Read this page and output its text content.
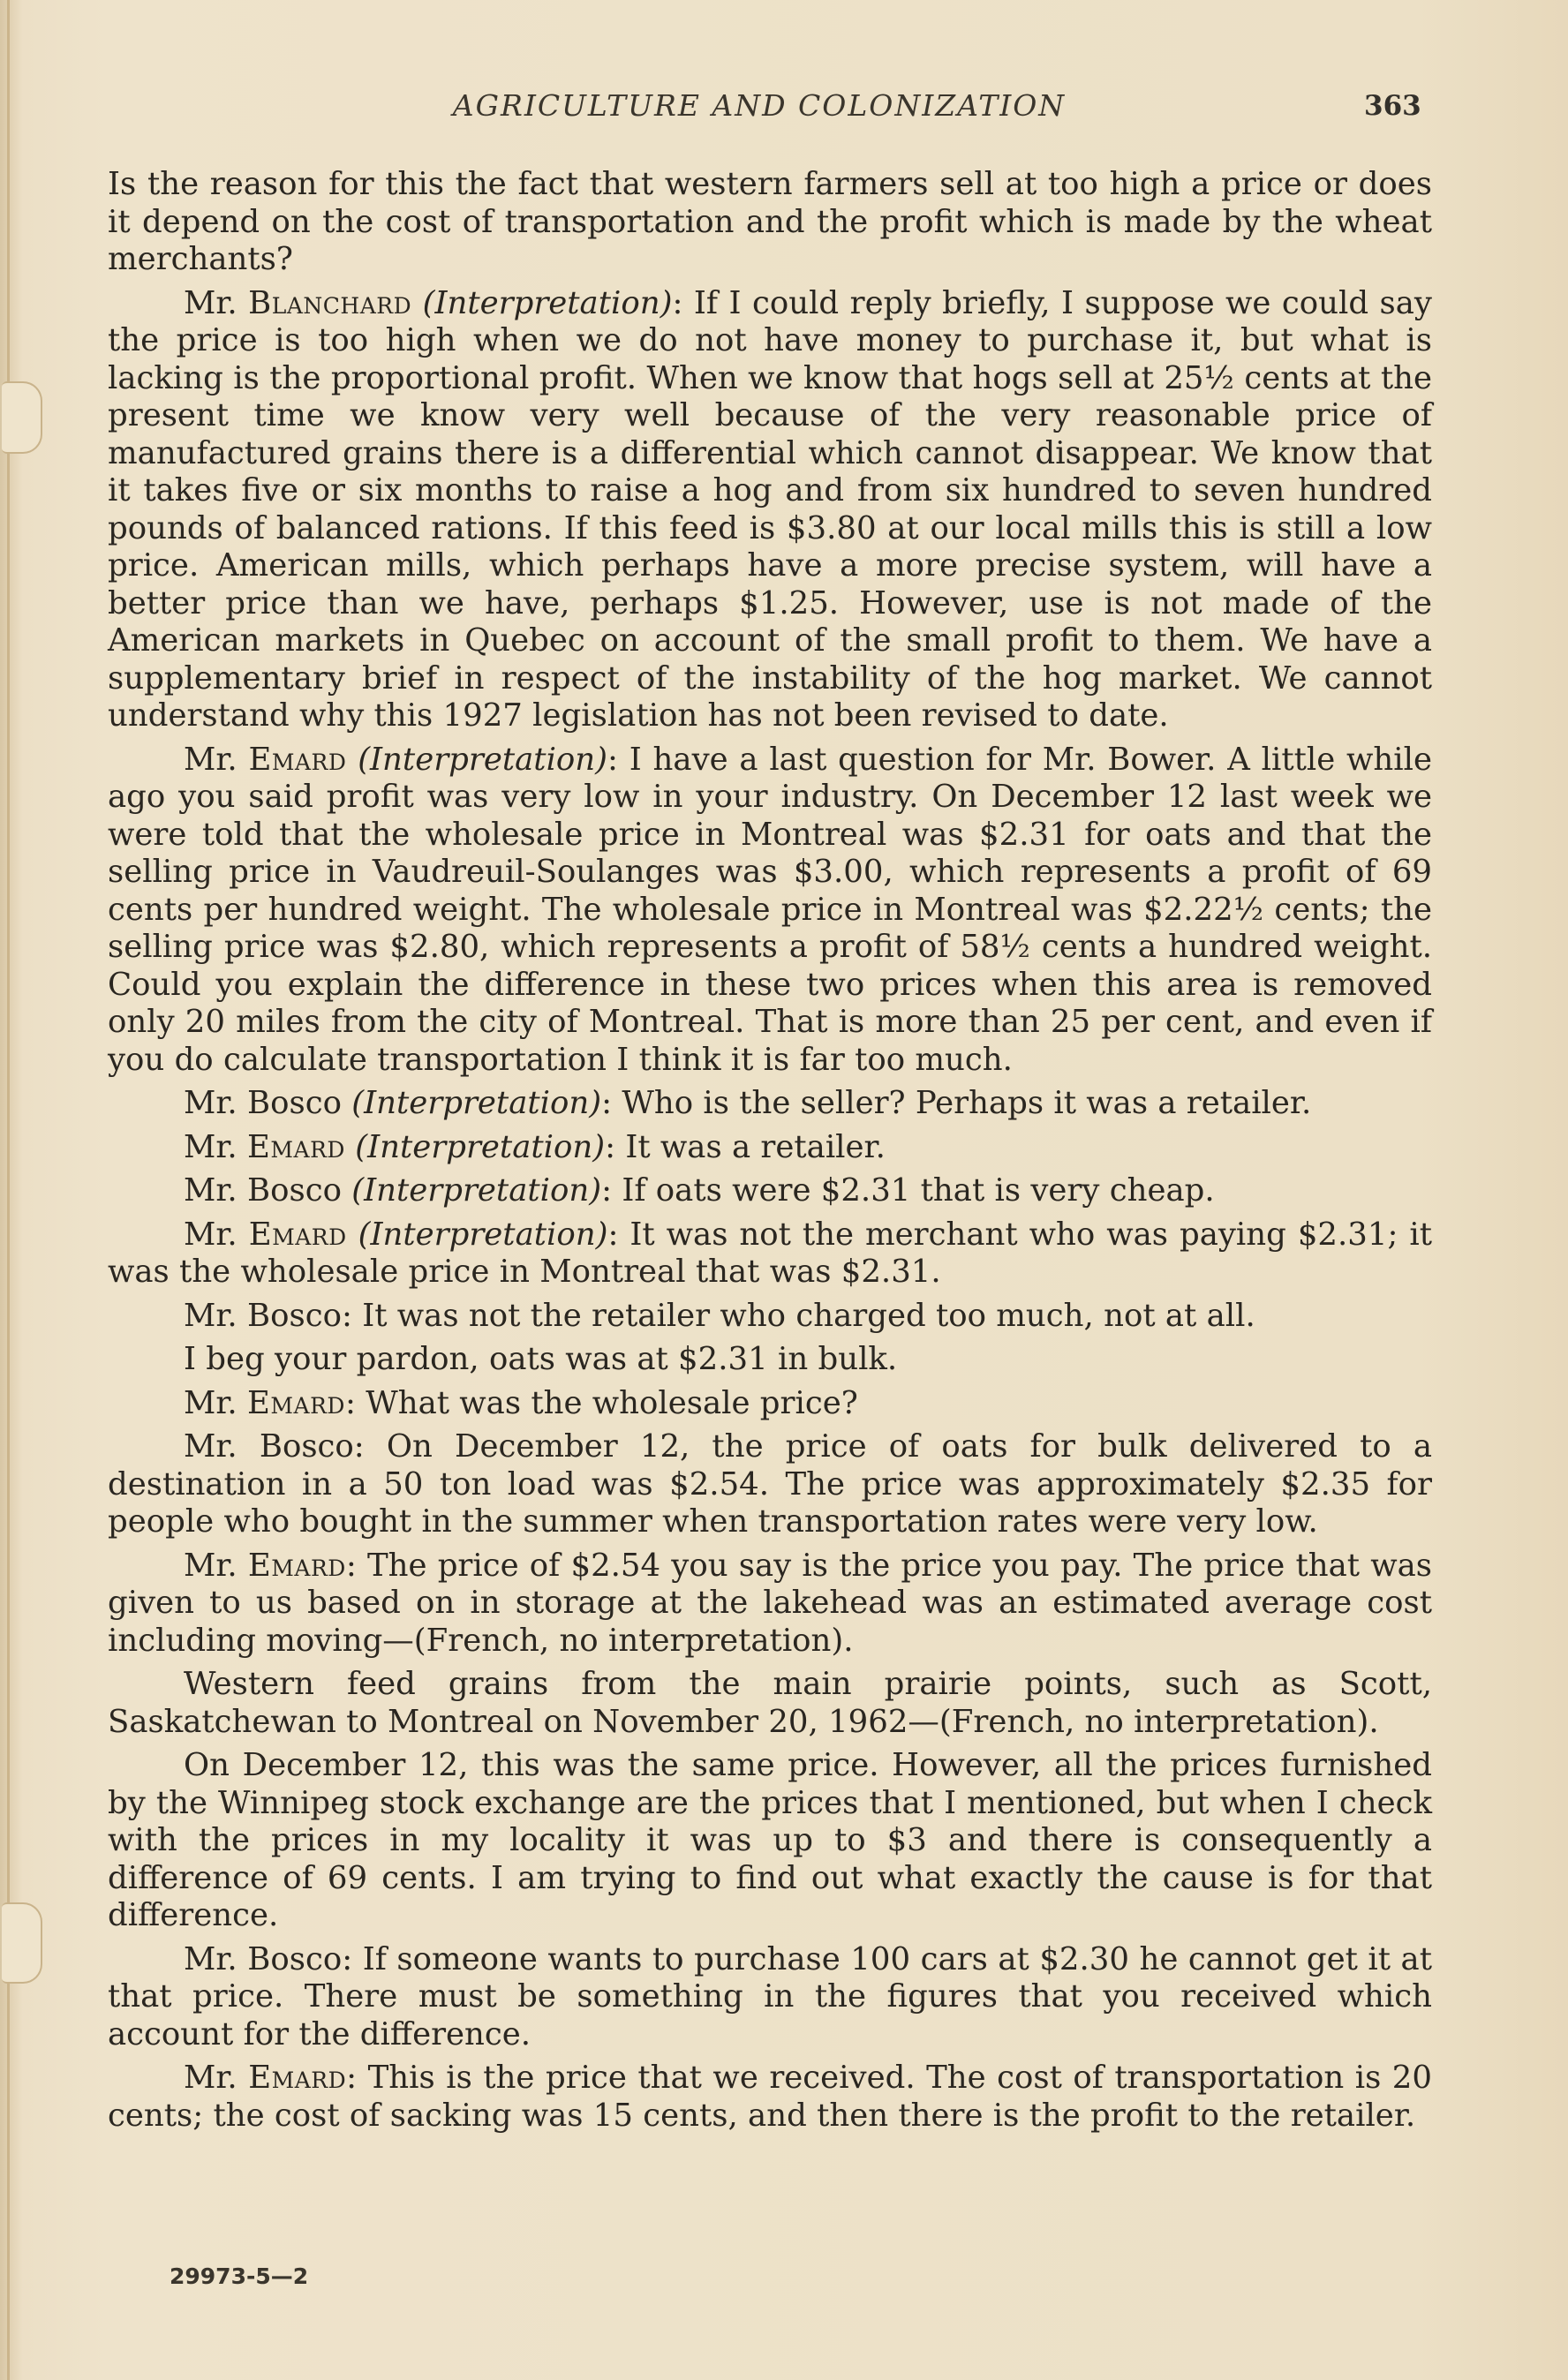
AGRICULTURE AND COLONIZATION	363

Is the reason for this the fact that western farmers sell at too high a price or does it depend on the cost of transportation and the profit which is made by the wheat merchants?

Mr. Blanchard (Interpretation): If I could reply briefly, I suppose we could say the price is too high when we do not have money to purchase it, but what is lacking is the proportional profit. When we know that hogs sell at 25½ cents at the present time we know very well because of the very reasonable price of manufactured grains there is a differential which cannot disappear. We know that it takes five or six months to raise a hog and from six hundred to seven hundred pounds of balanced rations. If this feed is $3.80 at our local mills this is still a low price. American mills, which perhaps have a more precise system, will have a better price than we have, perhaps $1.25. However, use is not made of the American markets in Quebec on account of the small profit to them. We have a supplementary brief in respect of the instability of the hog market. We cannot understand why this 1927 legislation has not been revised to date.

Mr. Emard (Interpretation): I have a last question for Mr. Bower. A little while ago you said profit was very low in your industry. On December 12 last week we were told that the wholesale price in Montreal was $2.31 for oats and that the selling price in Vaudreuil-Soulanges was $3.00, which represents a profit of 69 cents per hundred weight. The wholesale price in Montreal was $2.22½ cents; the selling price was $2.80, which represents a profit of 58½ cents a hundred weight. Could you explain the difference in these two prices when this area is removed only 20 miles from the city of Montreal. That is more than 25 per cent, and even if you do calculate transportation I think it is far too much.

Mr. Bosco (Interpretation): Who is the seller? Perhaps it was a retailer.

Mr. Emard (Interpretation): It was a retailer.

Mr. Bosco (Interpretation): If oats were $2.31 that is very cheap.

Mr. Emard (Interpretation): It was not the merchant who was paying $2.31; it was the wholesale price in Montreal that was $2.31.

Mr. Bosco: It was not the retailer who charged too much, not at all.

I beg your pardon, oats was at $2.31 in bulk.

Mr. Emard: What was the wholesale price?

Mr. Bosco: On December 12, the price of oats for bulk delivered to a destination in a 50 ton load was $2.54. The price was approximately $2.35 for people who bought in the summer when transportation rates were very low.

Mr. Emard: The price of $2.54 you say is the price you pay. The price that was given to us based on in storage at the lakehead was an estimated average cost including moving—(French, no interpretation).

Western feed grains from the main prairie points, such as Scott, Saskatchewan to Montreal on November 20, 1962—(French, no interpretation).

On December 12, this was the same price. However, all the prices furnished by the Winnipeg stock exchange are the prices that I mentioned, but when I check with the prices in my locality it was up to $3 and there is consequently a difference of 69 cents. I am trying to find out what exactly the cause is for that difference.

Mr. Bosco: If someone wants to purchase 100 cars at $2.30 he cannot get it at that price. There must be something in the figures that you received which account for the difference.

Mr. Emard: This is the price that we received. The cost of transportation is 20 cents; the cost of sacking was 15 cents, and then there is the profit to the retailer.

29973-5—2
